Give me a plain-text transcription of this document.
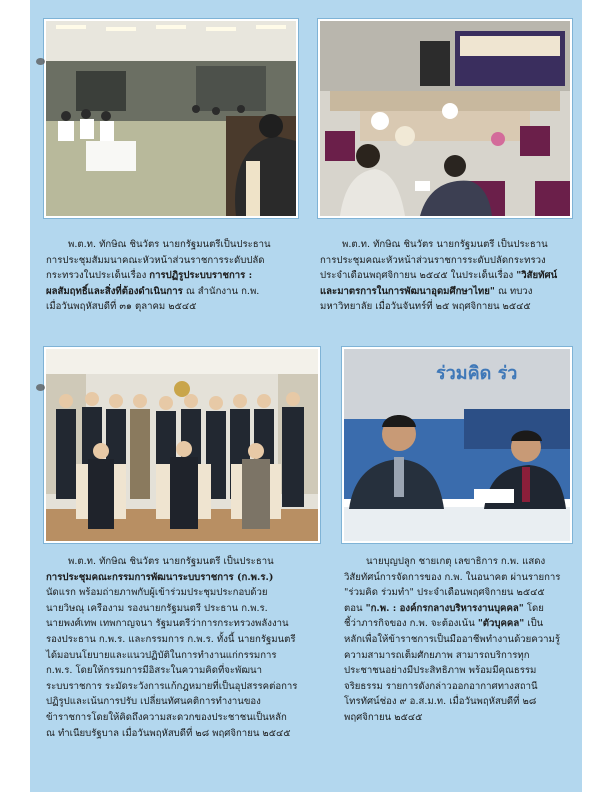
พ.ต.ท. ทักษิณ ชินวัตร นายกรัฐมนตรีเป็นประธาน
การประชุมสัมมนาคณะหัวหน้าส่วนราชการระดับปลัด
กระทรวงในประเด็นเรื่อง การปฏิรูประบบราชการ :
ผลสัมฤทธิ์และสิ่งที่ต้องดำเนินการ ณ สำนักงาน ก.พ.
เมื่อวันพฤหัสบดีที่ ๓๑ ตุลาคม ๒๕๔๕

พ.ต.ท. ทักษิณ ชินวัตร นายกรัฐมนตรี เป็นประธาน
การประชุมคณะหัวหน้าส่วนราชการระดับปลัดกระทรวง
ประจำเดือนพฤศจิกายน ๒๕๔๕ ในประเด็นเรื่อง "วิสัยทัศน์
และมาตรการในการพัฒนาอุดมศึกษาไทย" ณ ทบวง
มหาวิทยาลัย เมื่อวันจันทร์ที่ ๒๕ พฤศจิกายน ๒๕๔๕

ร่วมคิด ร่ว

พ.ต.ท. ทักษิณ ชินวัตร นายกรัฐมนตรี เป็นประธาน
การประชุมคณะกรรมการพัฒนาระบบราชการ (ก.พ.ร.)
นัดแรก พร้อมถ่ายภาพกับผู้เข้าร่วมประชุมประกอบด้วย
นายวิษณุ เครืองาม รองนายกรัฐมนตรี ประธาน ก.พ.ร.
นายพงศ์เทพ เทพกาญจนา รัฐมนตรีว่าการกระทรวงพลังงาน
รองประธาน ก.พ.ร. และกรรมการ ก.พ.ร. ทั้งนี้ นายกรัฐมนตรี
ได้มอบนโยบายและแนวปฏิบัติในการทำงานแก่กรรมการ
ก.พ.ร. โดยให้กรรมการมีอิสระในความคิดที่จะพัฒนา
ระบบราชการ ระมัดระวังการแก้กฎหมายที่เป็นอุปสรรคต่อการ
ปฏิรูปและเน้นการปรับ เปลี่ยนทัศนคติการทำงานของ
ข้าราชการโดยให้คิดถึงความสะดวกของประชาชนเป็นหลัก
ณ ทำเนียบรัฐบาล เมื่อวันพฤหัสบดีที่ ๒๘ พฤศจิกายน ๒๕๔๕

นายบุญปลูก ชายเกตุ เลขาธิการ ก.พ. แสดง
วิสัยทัศน์การจัดการของ ก.พ. ในอนาคต ผ่านรายการ
"ร่วมคิด ร่วมทำ" ประจำเดือนพฤศจิกายน ๒๕๔๕
ตอน "ก.พ. : องค์กรกลางบริหารงานบุคคล" โดย
ชี้ว่าภารกิจของ ก.พ. จะต้องเน้น "ตัวบุคคล" เป็น
หลักเพื่อให้ข้าราชการเป็นมืออาชีพทำงานด้วยความรู้
ความสามารถเต็มศักยภาพ สามารถบริการทุก
ประชาชนอย่างมีประสิทธิภาพ พร้อมมีคุณธรรม
จริยธรรม รายการดังกล่าวออกอากาศทางสถานี
โทรทัศน์ช่อง ๙ อ.ส.ม.ท. เมื่อวันพฤหัสบดีที่ ๒๘
พฤศจิกายน ๒๕๔๕
